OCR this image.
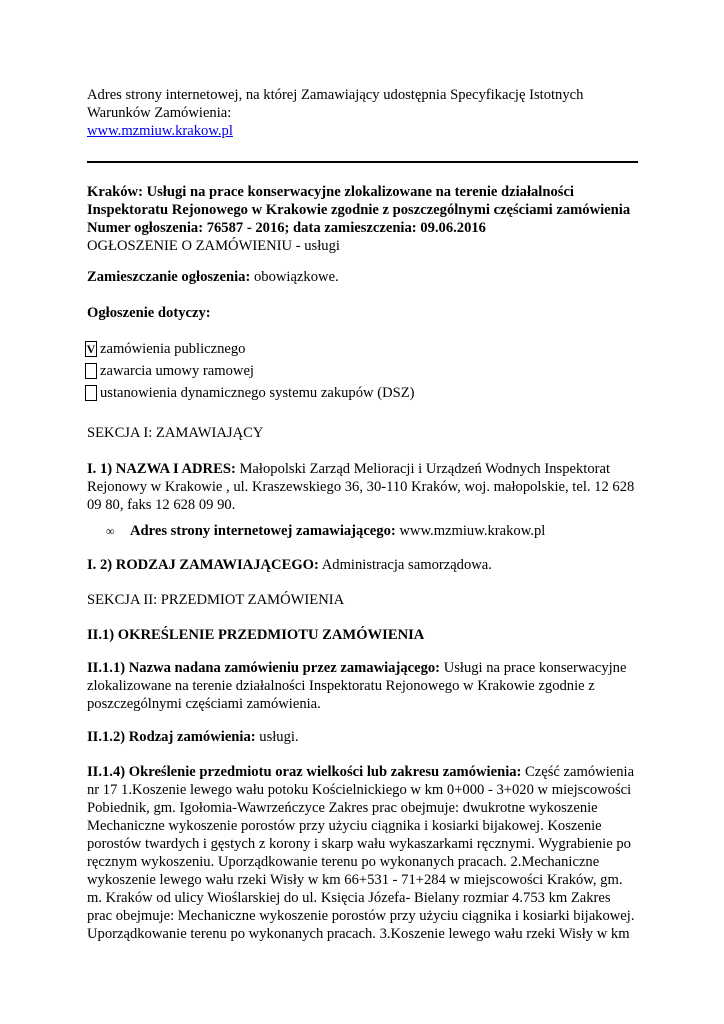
Adres strony internetowej, na której Zamawiający udostępnia Specyfikację Istotnych
Warunków Zamówienia:
www.mzmiuw.krakow.pl
Kraków: Usługi na prace konserwacyjne zlokalizowane na terenie działalności
Inspektoratu Rejonowego w Krakowie zgodnie z poszczególnymi częściami zamówienia
Numer ogłoszenia: 76587 - 2016; data zamieszczenia: 09.06.2016
OGŁOSZENIE O ZAMÓWIENIU - usługi
Zamieszczanie ogłoszenia: obowiązkowe.
Ogłoszenie dotyczy:
V zamówienia publicznego
zawarcia umowy ramowej
ustanowienia dynamicznego systemu zakupów (DSZ)
SEKCJA I: ZAMAWIAJĄCY
I. 1) NAZWA I ADRES: Małopolski Zarząd Melioracji i Urządzeń Wodnych Inspektorat
Rejonowy w Krakowie , ul. Kraszewskiego 36, 30-110 Kraków, woj. małopolskie, tel. 12 628
09 80, faks 12 628 09 90.
∞ Adres strony internetowej zamawiającego: www.mzmiuw.krakow.pl
I. 2) RODZAJ ZAMAWIAJĄCEGO: Administracja samorządowa.
SEKCJA II: PRZEDMIOT ZAMÓWIENIA
II.1) OKREŚLENIE PRZEDMIOTU ZAMÓWIENIA
II.1.1) Nazwa nadana zamówieniu przez zamawiającego: Usługi na prace konserwacyjne
zlokalizowane na terenie działalności Inspektoratu Rejonowego w Krakowie zgodnie z
poszczególnymi częściami zamówienia.
II.1.2) Rodzaj zamówienia: usługi.
II.1.4) Określenie przedmiotu oraz wielkości lub zakresu zamówienia: Część zamówienia
nr 17 1.Koszenie lewego wału potoku Kościelnickiego w km 0+000 - 3+020 w miejscowości
Pobiednik, gm. Igołomia-Wawrzeńczyce Zakres prac obejmuje: dwukrotne wykoszenie
Mechaniczne wykoszenie porostów przy użyciu ciągnika i kosiarki bijakowej. Koszenie
porostów twardych i gęstych z korony i skarp wału wykaszarkami ręcznymi. Wygrabienie po
ręcznym wykoszeniu. Uporządkowanie terenu po wykonanych pracach. 2.Mechaniczne
wykoszenie lewego wału rzeki Wisły w km 66+531 - 71+284 w miejscowości Kraków, gm.
m. Kraków od ulicy Wioślarskiej do ul. Księcia Józefa- Bielany rozmiar 4.753 km Zakres
prac obejmuje: Mechaniczne wykoszenie porostów przy użyciu ciągnika i kosiarki bijakowej.
Uporządkowanie terenu po wykonanych pracach. 3.Koszenie lewego wału rzeki Wisły w km
